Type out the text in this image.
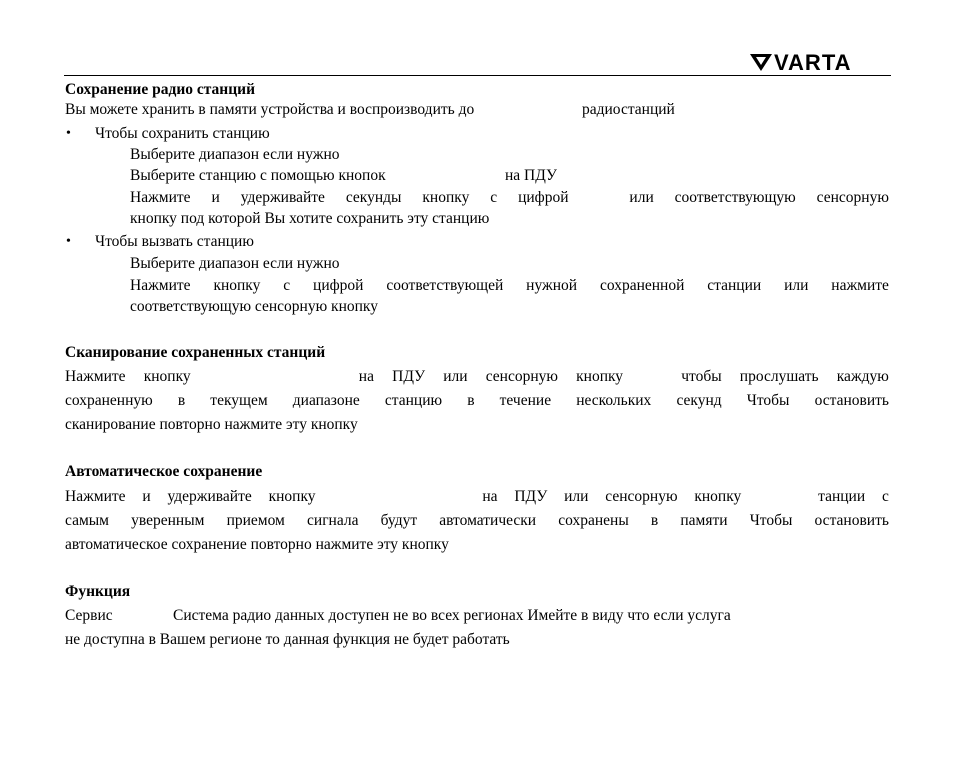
VARTA
Сохранение радио станций
Вы можете хранить в памяти устройства и воспроизводить до	радиостанций
• Чтобы сохранить станцию
Выберите диапазон если нужно
Выберите станцию с помощью кнопок	на ПДУ
Нажмите и удерживайте секунды кнопку с цифрой	или соответствующую сенсорную
кнопку под которой Вы хотите сохранить эту станцию
• Чтобы вызвать станцию
Выберите диапазон если нужно
Нажмите кнопку с цифрой соответствующей нужной сохраненной станции или нажмите
соответствующую сенсорную кнопку
Сканирование сохраненных станций
Нажмите кнопку	на ПДУ или сенсорную кнопку	чтобы прослушать каждую
сохраненную в текущем диапазоне станцию в течение нескольких секунд Чтобы остановить
сканирование повторно нажмите эту кнопку
Автоматическое сохранение
Нажмите и удерживайте кнопку	на ПДУ или сенсорную кнопку	танции с
самым уверенным приемом сигнала будут автоматически сохранены в памяти Чтобы остановить
автоматическое сохранение повторно нажмите эту кнопку
Функция
Сервис	Система радио данных доступен не во всех регионах Имейте в виду что если услуга
не доступна в Вашем регионе то данная функция не будет работать
